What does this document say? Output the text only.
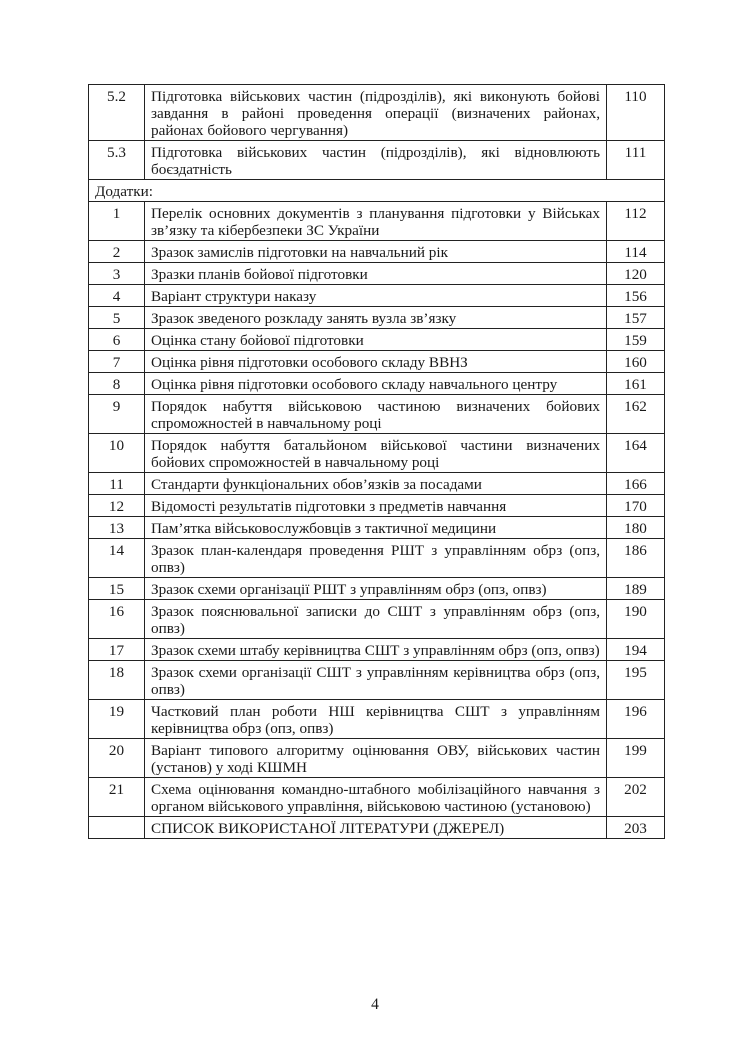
5.2	Підготовка військових частин (підрозділів), які виконують бойові завдання в районі проведення операції (визначених районах, районах бойового чергування)	110
5.3	Підготовка військових частин (підрозділів), які відновлюють боєздатність	111
Додатки:		
1	Перелік основних документів з планування підготовки у Військах зв’язку та кібербезпеки ЗС України	112
2	Зразок замислів підготовки на навчальний рік	114
3	Зразки планів бойової підготовки	120
4	Варіант структури наказу	156
5	Зразок зведеного розкладу занять вузла зв’язку	157
6	Оцінка стану бойової підготовки	159
7	Оцінка рівня підготовки особового складу ВВНЗ	160
8	Оцінка рівня підготовки особового складу навчального центру	161
9	Порядок набуття військовою частиною визначених бойових спроможностей в навчальному році	162
10	Порядок набуття батальйоном військової частини визначених бойових спроможностей в навчальному році	164
11	Стандарти функціональних обов’язків за посадами	166
12	Відомості результатів підготовки з предметів навчання	170
13	Пам’ятка військовослужбовців з тактичної медицини	180
14	Зразок план-календаря проведення РШТ з управлінням обрз (опз, опвз)	186
15	Зразок схеми організації РШТ з управлінням обрз (опз, опвз)	189
16	Зразок пояснювальної записки до СШТ з управлінням обрз (опз, опвз)	190
17	Зразок схеми штабу керівництва СШТ з управлінням обрз (опз, опвз)	194
18	Зразок схеми організації СШТ з управлінням керівництва обрз (опз, опвз)	195
19	Частковий план роботи НШ керівництва СШТ з управлінням керівництва обрз (опз, опвз)	196
20	Варіант типового алгоритму оцінювання ОВУ, військових частин (установ) у ході КШМН	199
21	Схема оцінювання командно-штабного мобілізаційного навчання з органом військового управління, військовою частиною (установою)	202
	СПИСОК ВИКОРИСТАНОЇ ЛІТЕРАТУРИ (ДЖЕРЕЛ)	203
4
